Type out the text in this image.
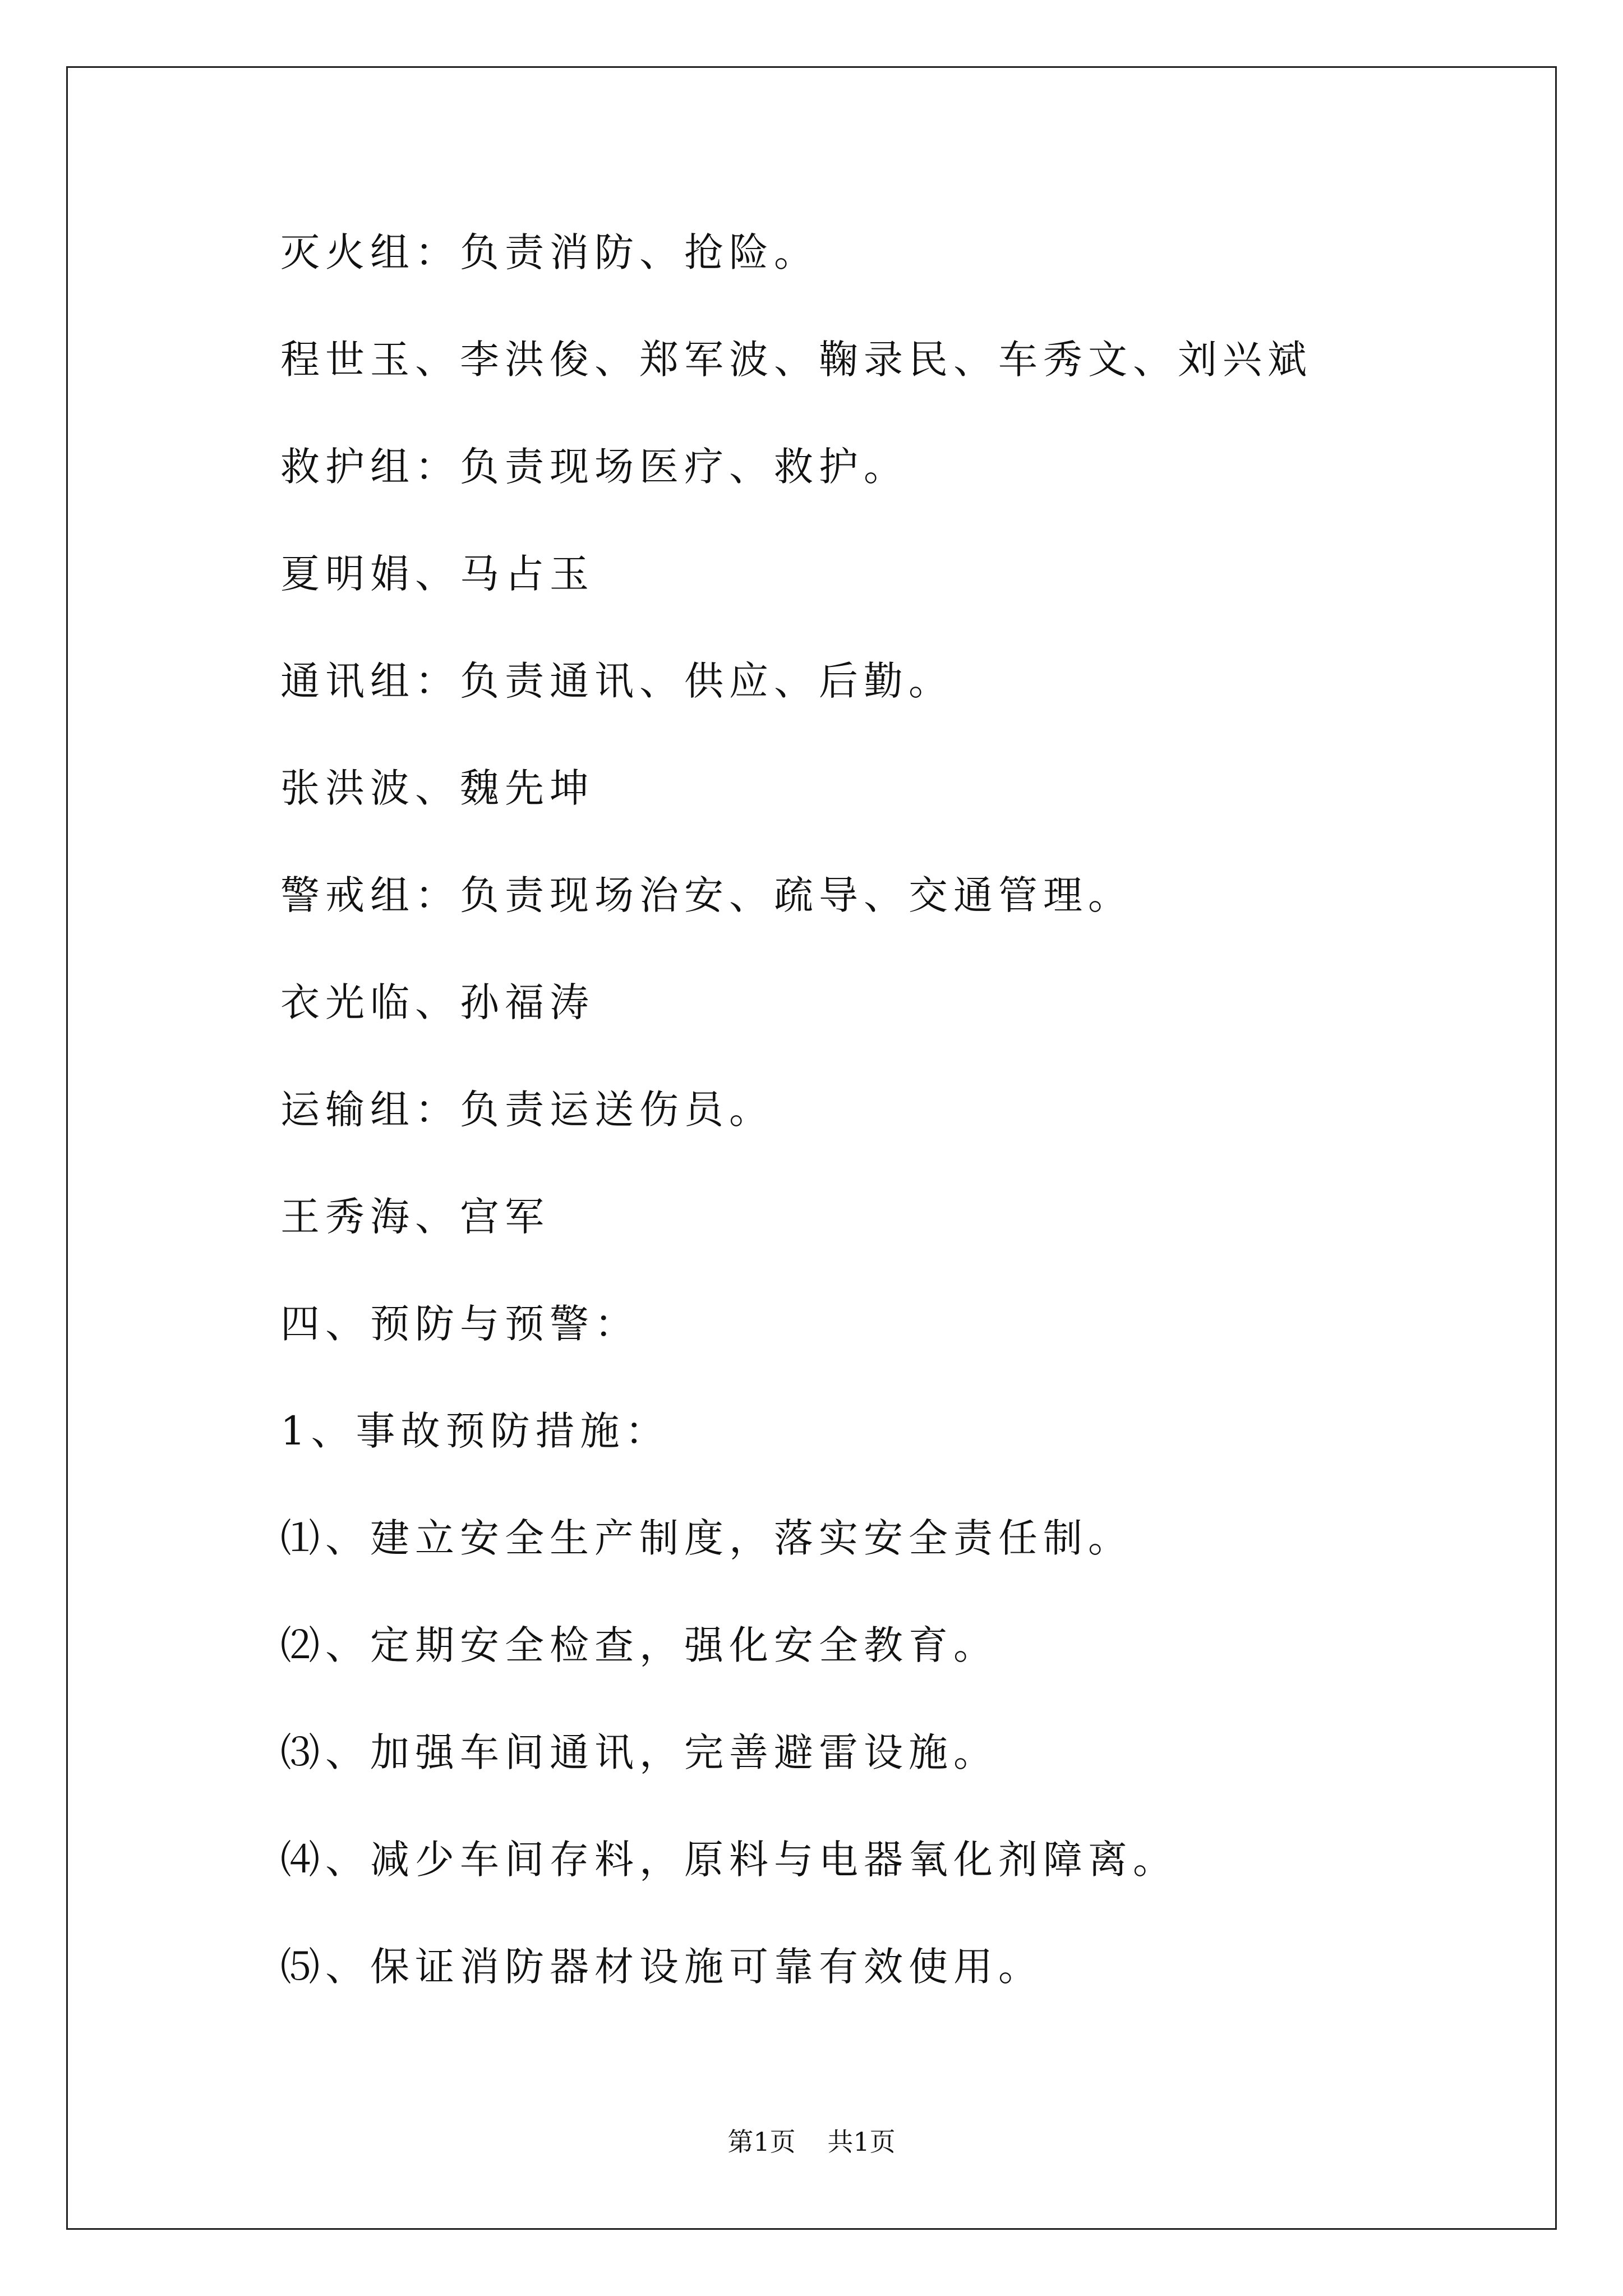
灭火组：负责消防、抢险。
程世玉、李洪俊、郑军波、鞠录民、车秀文、刘兴斌
救护组：负责现场医疗、救护。
夏明娟、马占玉
通讯组：负责通讯、供应、后勤。
张洪波、魏先坤
警戒组：负责现场治安、疏导、交通管理。
衣光临、孙福涛
运输组：负责运送伤员。
王秀海、宫军
四、预防与预警：
1、事故预防措施：
⑴、建立安全生产制度，落实安全责任制。
⑵、定期安全检查，强化安全教育。
⑶、加强车间通讯，完善避雷设施。
⑷、减少车间存料，原料与电器氧化剂障离。
⑸、保证消防器材设施可靠有效使用。
第1页 共1页
